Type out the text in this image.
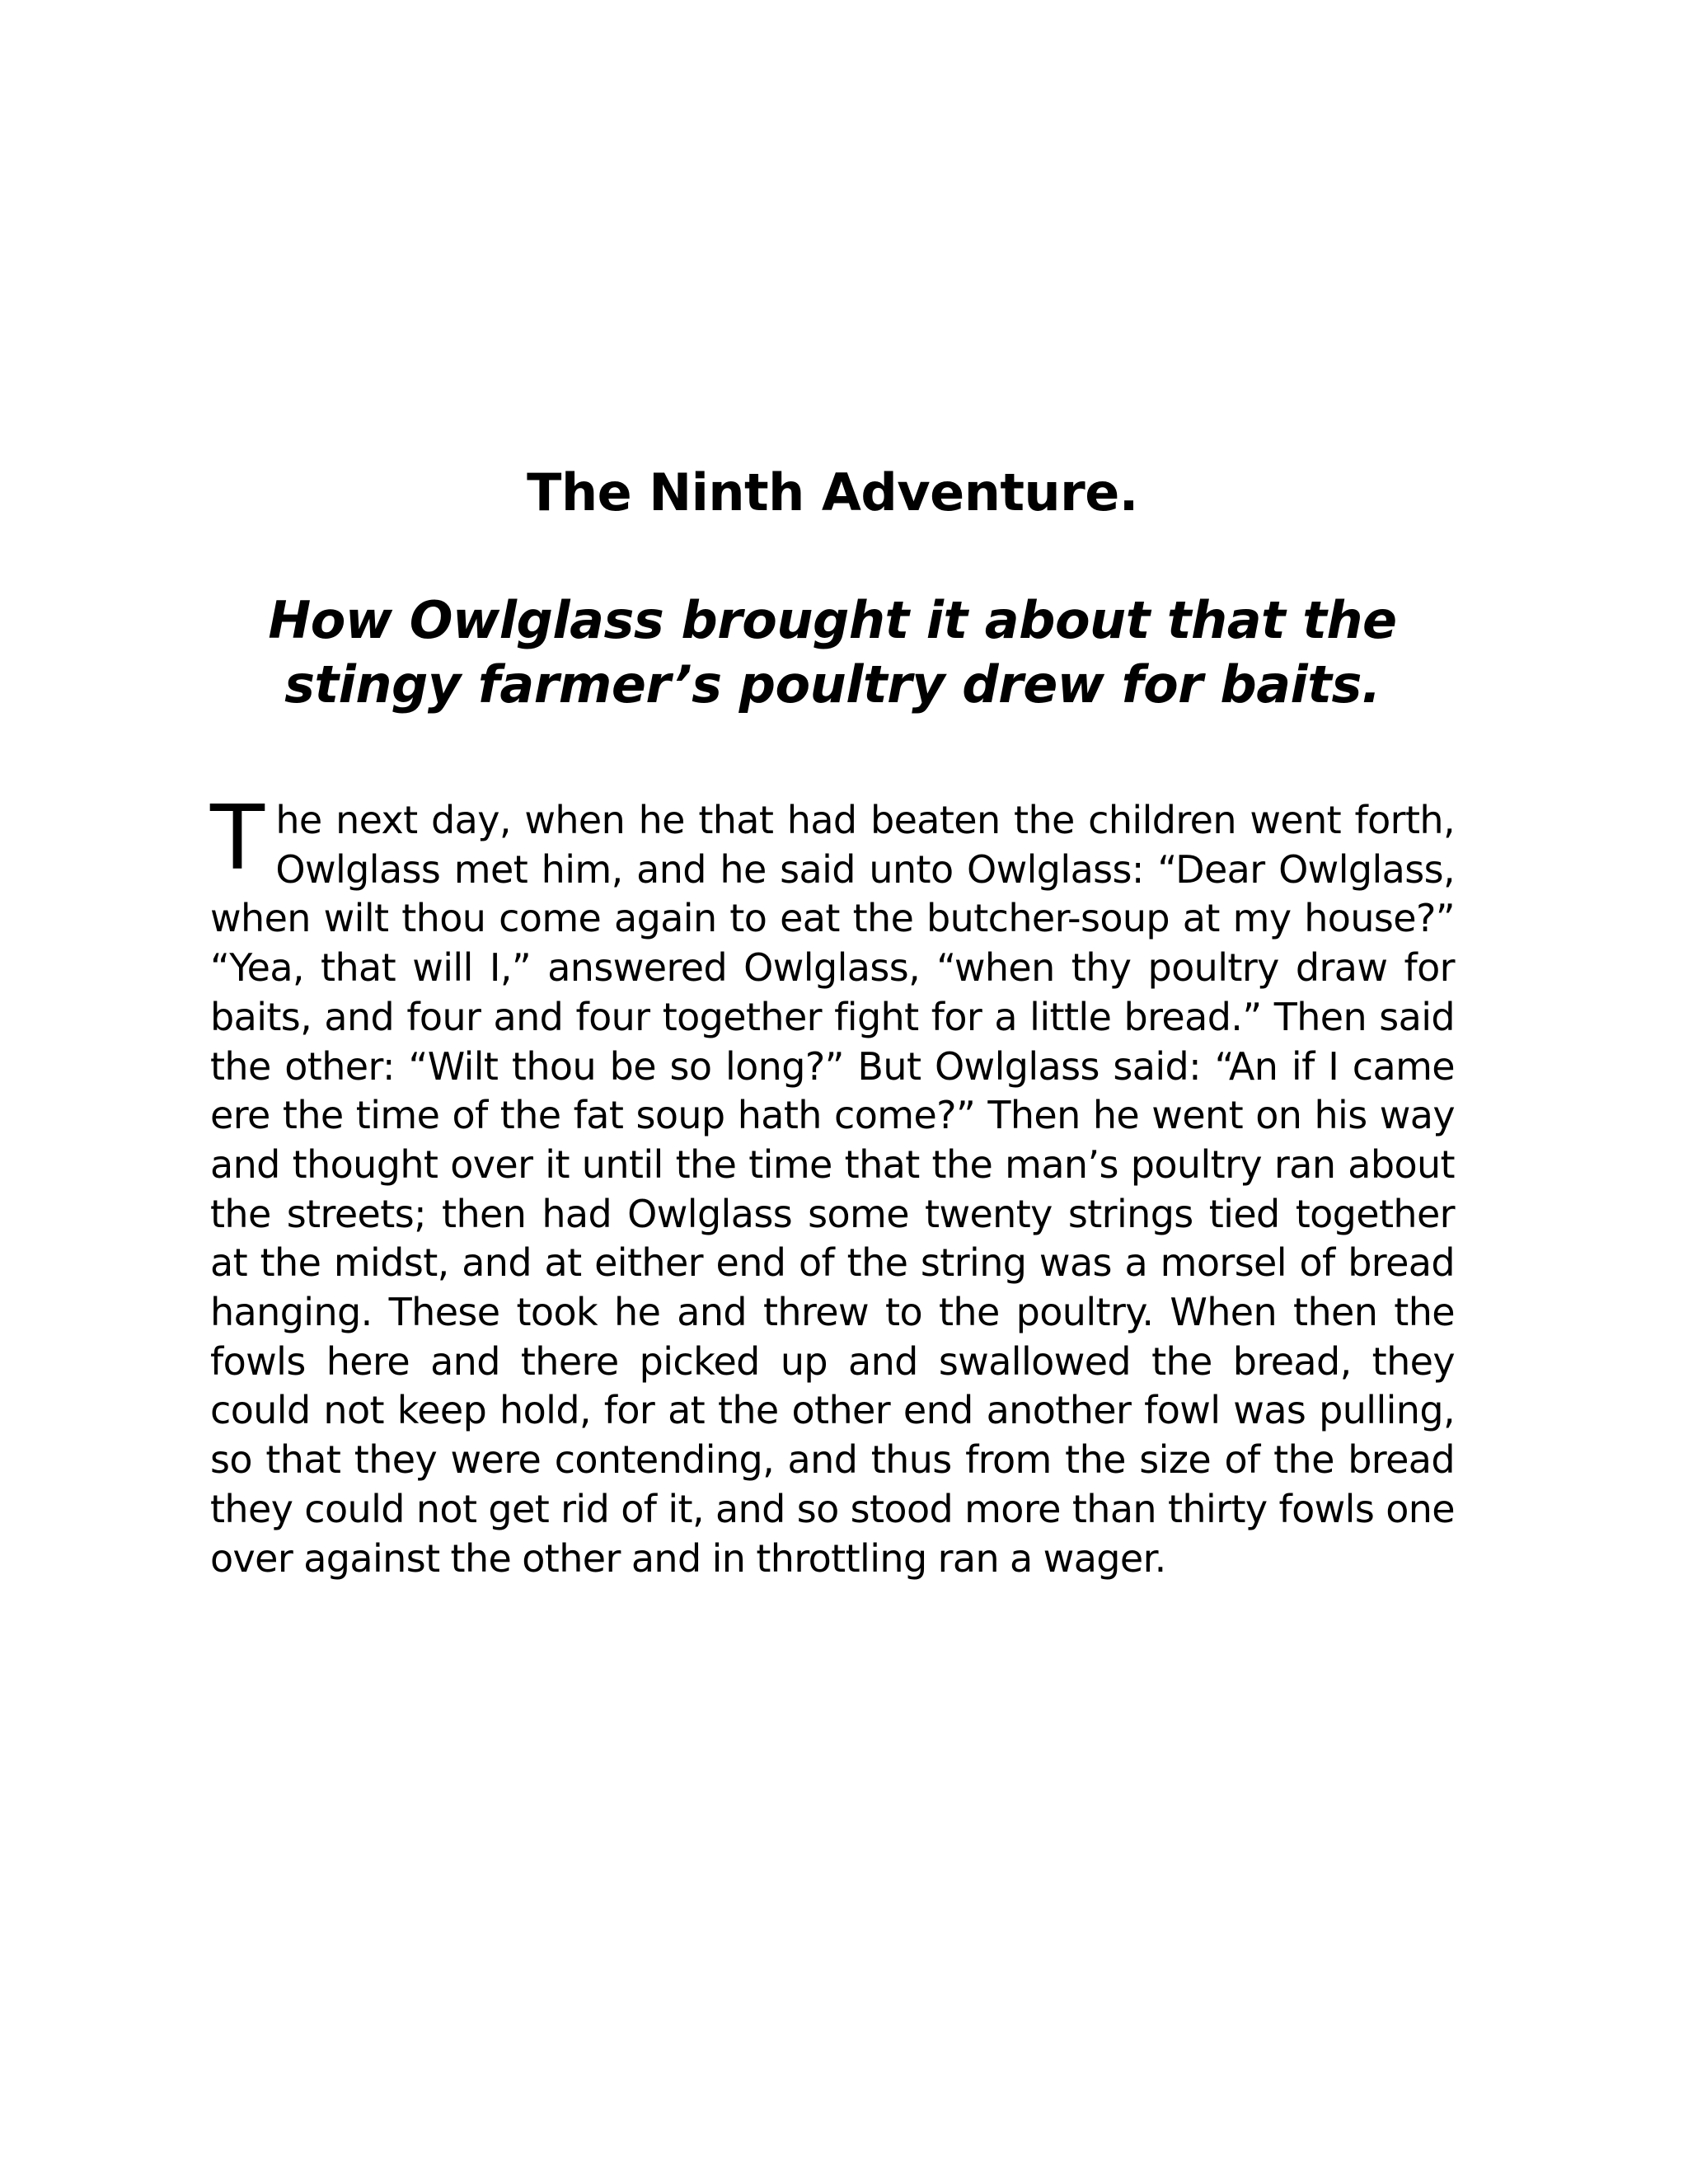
The Ninth Adventure.
How Owlglass brought it about that the stingy farmer’s poultry drew for baits.

The next day, when he that had beaten the children went forth, Owlglass met him, and he said unto Owlglass: “Dear Owlglass, when wilt thou come again to eat the butcher-soup at my house?” “Yea, that will I,” answered Owlglass, “when thy poultry draw for baits, and four and four together fight for a little bread.” Then said the other: “Wilt thou be so long?” But Owlglass said: “An if I came ere the time of the fat soup hath come?” Then he went on his way and thought over it until the time that the man’s poultry ran about the streets; then had Owlglass some twenty strings tied together at the midst, and at either end of the string was a morsel of bread hanging. These took he and threw to the poultry. When then the fowls here and there picked up and swallowed the bread, they could not keep hold, for at the other end another fowl was pulling, so that they were contending, and thus from the size of the bread they could not get rid of it, and so stood more than thirty fowls one over against the other and in throttling ran a wager.
